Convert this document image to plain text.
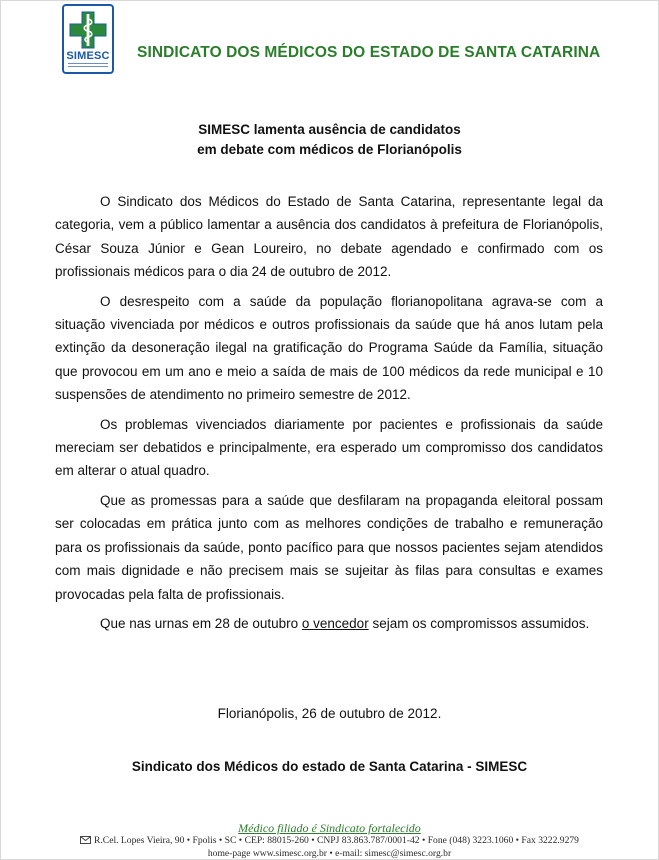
SIMESC SINDICATO DOS MÉDICOS DO ESTADO DE SANTA CATARINA
SIMESC lamenta ausência de candidatos
em debate com médicos de Florianópolis

O Sindicato dos Médicos do Estado de Santa Catarina, representante legal da categoria, vem a público lamentar a ausência dos candidatos à prefeitura de Florianópolis, César Souza Júnior e Gean Loureiro, no debate agendado e confirmado com os profissionais médicos para o dia 24 de outubro de 2012.

O desrespeito com a saúde da população florianopolitana agrava-se com a situação vivenciada por médicos e outros profissionais da saúde que há anos lutam pela extinção da desoneração ilegal na gratificação do Programa Saúde da Família, situação que provocou em um ano e meio a saída de mais de 100 médicos da rede municipal e 10 suspensões de atendimento no primeiro semestre de 2012.

Os problemas vivenciados diariamente por pacientes e profissionais da saúde mereciam ser debatidos e principalmente, era esperado um compromisso dos candidatos em alterar o atual quadro.

Que as promessas para a saúde que desfilaram na propaganda eleitoral possam ser colocadas em prática junto com as melhores condições de trabalho e remuneração para os profissionais da saúde, ponto pacífico para que nossos pacientes sejam atendidos com mais dignidade e não precisem mais se sujeitar às filas para consultas e exames provocadas pela falta de profissionais.

Que nas urnas em 28 de outubro o vencedor sejam os compromissos assumidos.

Florianópolis, 26 de outubro de 2012.
Sindicato dos Médicos do estado de Santa Catarina - SIMESC
Médico filiado é Sindicato fortalecido
R.Cel. Lopes Vieira, 90 • Fpolis • SC • CEP: 88015-260 • CNPJ 83.863.787/0001-42 • Fone (048) 3223.1060 • Fax 3222.9279
home-page www.simesc.org.br • e-mail: simesc@simesc.org.br
